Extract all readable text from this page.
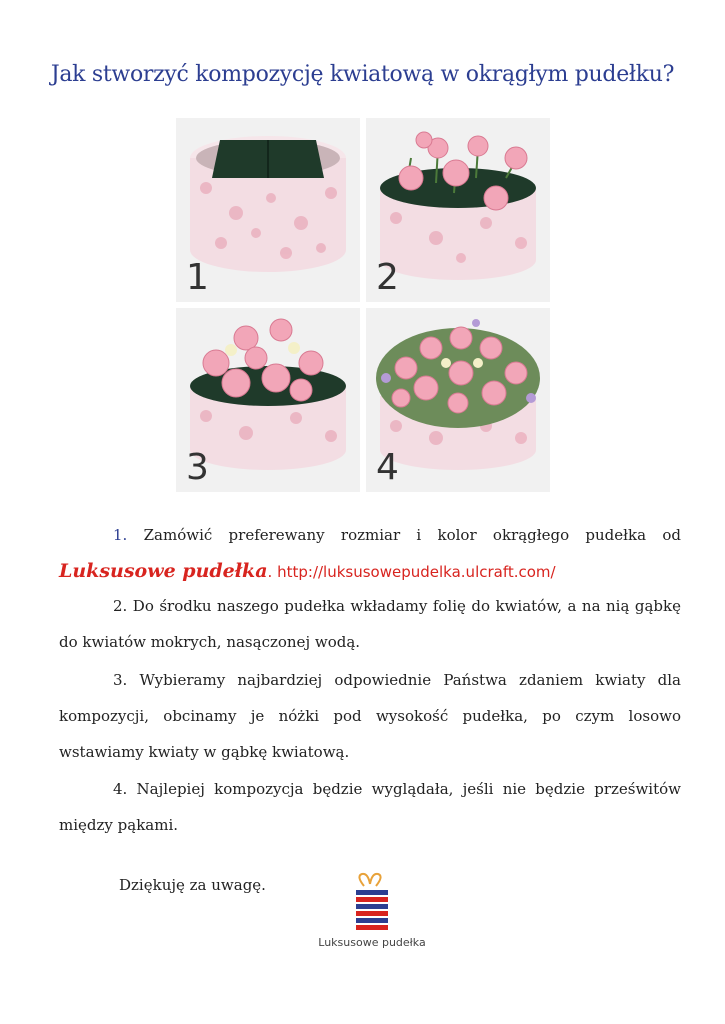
Jak stworzyć kompozycję kwiatową w okrągłym pudełku?
1	2
3	4
1. Zamówić preferewany rozmiar i kolor okrągłego pudełka od Luksusowe pudełka. http://luksusowepudelka.ulcraft.com/
2. Do środku naszego pudełka wkładamy folię do kwiatów, a na nią gąbkę do kwiatów mokrych, nasączonej wodą.
3. Wybieramy najbardziej odpowiednie Państwa zdaniem kwiaty dla kompozycji, obcinamy je nóżki pod wysokość pudełka, po czym losowo wstawiamy kwiaty w gąbkę kwiatową.
4. Najlepiej kompozycja będzie wyglądała, jeśli nie będzie prześwitów między pąkami.
Dziękuję za uwagę.
Luksusowe pudełka
